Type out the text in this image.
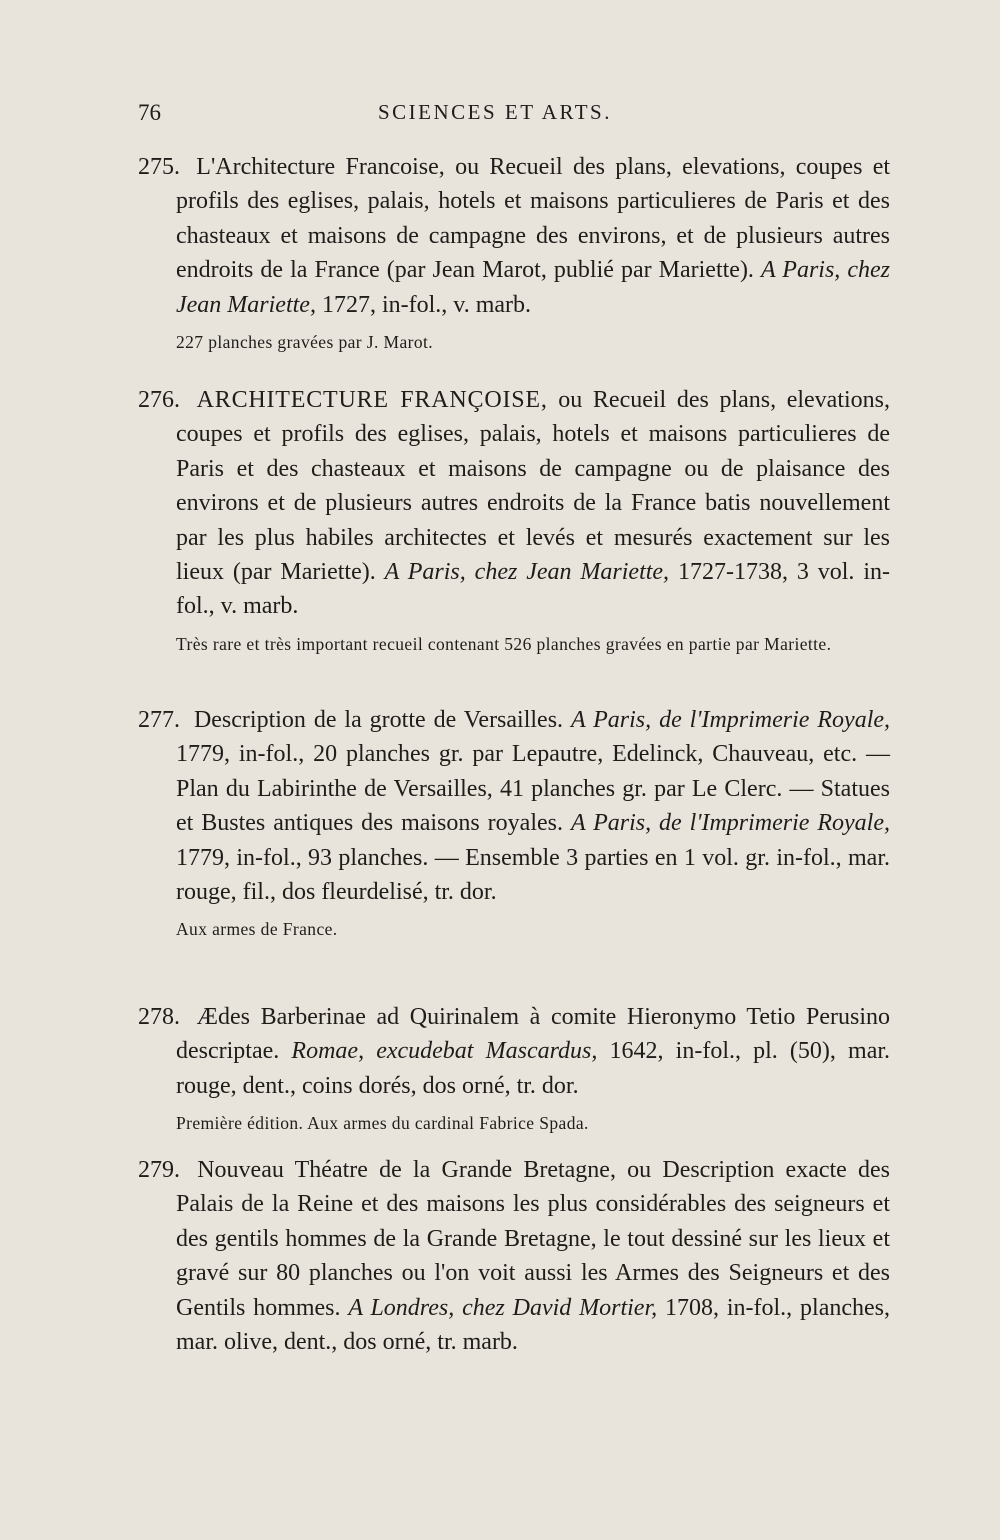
76	SCIENCES ET ARTS.

275. L'Architecture Francoise, ou Recueil des plans, elevations, coupes et profils des eglises, palais, hotels et maisons particulieres de Paris et des chasteaux et maisons de campagne des environs, et de plusieurs autres endroits de la France (par Jean Marot, publié par Mariette). A Paris, chez Jean Mariette, 1727, in-fol., v. marb.

227 planches gravées par J. Marot.

276. ARCHITECTURE FRANÇOISE, ou Recueil des plans, elevations, coupes et profils des eglises, palais, hotels et maisons particulieres de Paris et des chasteaux et maisons de campagne ou de plaisance des environs et de plusieurs autres endroits de la France batis nouvellement par les plus habiles architectes et levés et mesurés exactement sur les lieux (par Mariette). A Paris, chez Jean Mariette, 1727-1738, 3 vol. in-fol., v. marb.

Très rare et très important recueil contenant 526 planches gravées en partie par Mariette.

277. Description de la grotte de Versailles. A Paris, de l'Imprimerie Royale, 1779, in-fol., 20 planches gr. par Lepautre, Edelinck, Chauveau, etc. — Plan du Labirinthe de Versailles, 41 planches gr. par Le Clerc. — Statues et Bustes antiques des maisons royales. A Paris, de l'Imprimerie Royale, 1779, in-fol., 93 planches. — Ensemble 3 parties en 1 vol. gr. in-fol., mar. rouge, fil., dos fleurdelisé, tr. dor.

Aux armes de France.

278. Ædes Barberinae ad Quirinalem à comite Hieronymo Tetio Perusino descriptae. Romae, excudebat Mascardus, 1642, in-fol., pl. (50), mar. rouge, dent., coins dorés, dos orné, tr. dor.

Première édition. Aux armes du cardinal Fabrice Spada.

279. Nouveau Théatre de la Grande Bretagne, ou Description exacte des Palais de la Reine et des maisons les plus considérables des seigneurs et des gentils hommes de la Grande Bretagne, le tout dessiné sur les lieux et gravé sur 80 planches ou l'on voit aussi les Armes des Seigneurs et des Gentils hommes. A Londres, chez David Mortier, 1708, in-fol., planches, mar. olive, dent., dos orné, tr. marb.
